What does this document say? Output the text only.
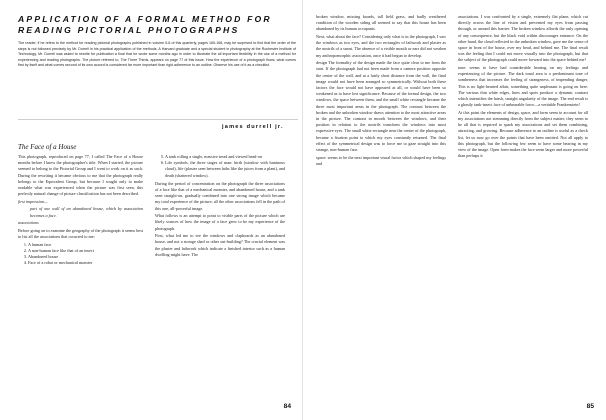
APPLICATION OF A FORMAL METHOD FOR
READING PICTORIAL PHOTOGRAPHS
The reader, if he refers to the method for reading pictorial photographs published in volume 5-6 of this quarterly, pages 165-168, may be surprised to find that the order of the steps is not followed precisely by Mr. Durrell in his practical application of the methods. A Harvard graduate and a special student in photography at the Rochester Institute of Technology, Mr. Durrell was asked to rewrite for publication a final that he wrote some months ago in order to illustrate the all important flexibility in the use of a method for experiencing and reading photographs. The picture referred to, The Three Thirds, appears on page 77 of this issue. How the experience of a photograph flows, what comes first by itself and what comes second of its own accord is considered far more important than rigid adherence to an outline. Observe his use of it as a checklist.
james durrell jr.
The Face of a House

This photograph, reproduced on page 77, I called The Face of a House months before I knew the photographer's title. When I started, the picture seemed to belong to the Pictorial Group and I went to work on it as such. During the rewriting it became obvious to me that the photograph really belongs to the Equivalent Group, but because I sought only to make readable what was experienced when the picture was first seen, this perfectly natural change of picture classification has not been described.

first impression—

part of one wall of an abandoned house, which by association becomes a face.

associations

Before going on to examine the geography of the photograph it seems best to list all the associations that occurred to me:

1. A human face
2. A non-human face like that of an insect
3. Abandoned house
4. Face of a robot or mechanical monster
5. A tank rolling a single, massive tread and viewed head-on
6. Life symbols, the three stages of man: birth (window with luminous cloud), life (plaster seen between laths like the juices from a plant), and death (shattered window).

During the period of concentration on the photograph the three associations of a face like that of a mechanical monster, and abandoned house, and a tank seen straight-on, gradually combined into one strong image which became my total experience of the picture; all the other associations fell in the path of this one, all-powerful image.

What follows is an attempt to point to visible parts of the picture which are likely sources of how the image of a face grew to be my experience of the photograph.

First, what led me to see the windows and clapboards as an abandoned house, and not a storage shed or other out-building? The crucial element was the plaster and lathwork which indicate a finished interior such as a human dwelling might have. The

84

broken window, missing boards, tall field grass, and badly weathered condition of the wooden siding all seemed to say that this house has been abandoned by its human occupants.

Next, what about the face? Considering only what is in the photograph, I saw the windows as two eyes, and the two rectangles of lathwork and plaster as the nostrils of a snout. The absence of a visible mouth or ears did not weaken my anthropomorphic association, once it had begun to develop.

design The formality of the design made the face quite clear to me from the start. If the photograph had not been made from a camera position opposite the center of the wall, and at a fairly short distance from the wall, the final image would not have been arranged so symmetrically. Without both these factors the face would not have appeared at all, or would have been so weakened as to have lost significance. Because of the formal design, the two windows, the space between them, and the small white rectangle became the three most important areas in the photograph. The contrast between the broken and the unbroken window draws attention to the most attractive areas in the picture. The contrast in moods between the windows, and their position in relation to the nostrils transform the windows into most expressive eyes. The small white rectangle near the center of the photograph, became a fixation point to which my eyes constantly returned. The final effect of the symmetrical design was to force me to gaze straight into this strange, non-human face.

space: seems to be the next important visual factor which shaped my feelings and

associations. I was confronted by a single, extremely flat plane, which cut directly across the line of vision and prevented my eyes from passing through, or around this barrier. The broken window affords the only opening of any consequence, but the black void within discourages entrance. On the other hand, the cloud reflected in the unbroken window, gave me the sense of space in front of the house, over my head, and behind me. The final result was the feeling that I could not move visually into the photograph, but that the subject of the photograph could move forward into the space behind me!

tone: seems to have had considerable bearing on my feelings and experiencing of the picture. The dark tonal area is a predominant tone of somberness that increases the feeling of strangeness, of impending danger. This is no light-hearted affair, something quite unpleasant is going on here. The various thin white edges, lines and spots produce a dynamic contrast which intensifies the harsh, straight angularity of the image. The end result is a ghastly tank-insect face of unbearable force—a veritable Frankenstein!

At this point the elements of design, space, and form seem to account for all my associations not stemming directly from the subject matter; they seem to be all that is required to spark my associations and set them combining, attracting, and growing. Because adherence to an outline is useful as a check list, let us now go over the points that have been omitted. Not all apply to this photograph, but the following few seem to have some bearing in my view of the image. Open form makes the face seem larger and more powerful than perhaps it

85
